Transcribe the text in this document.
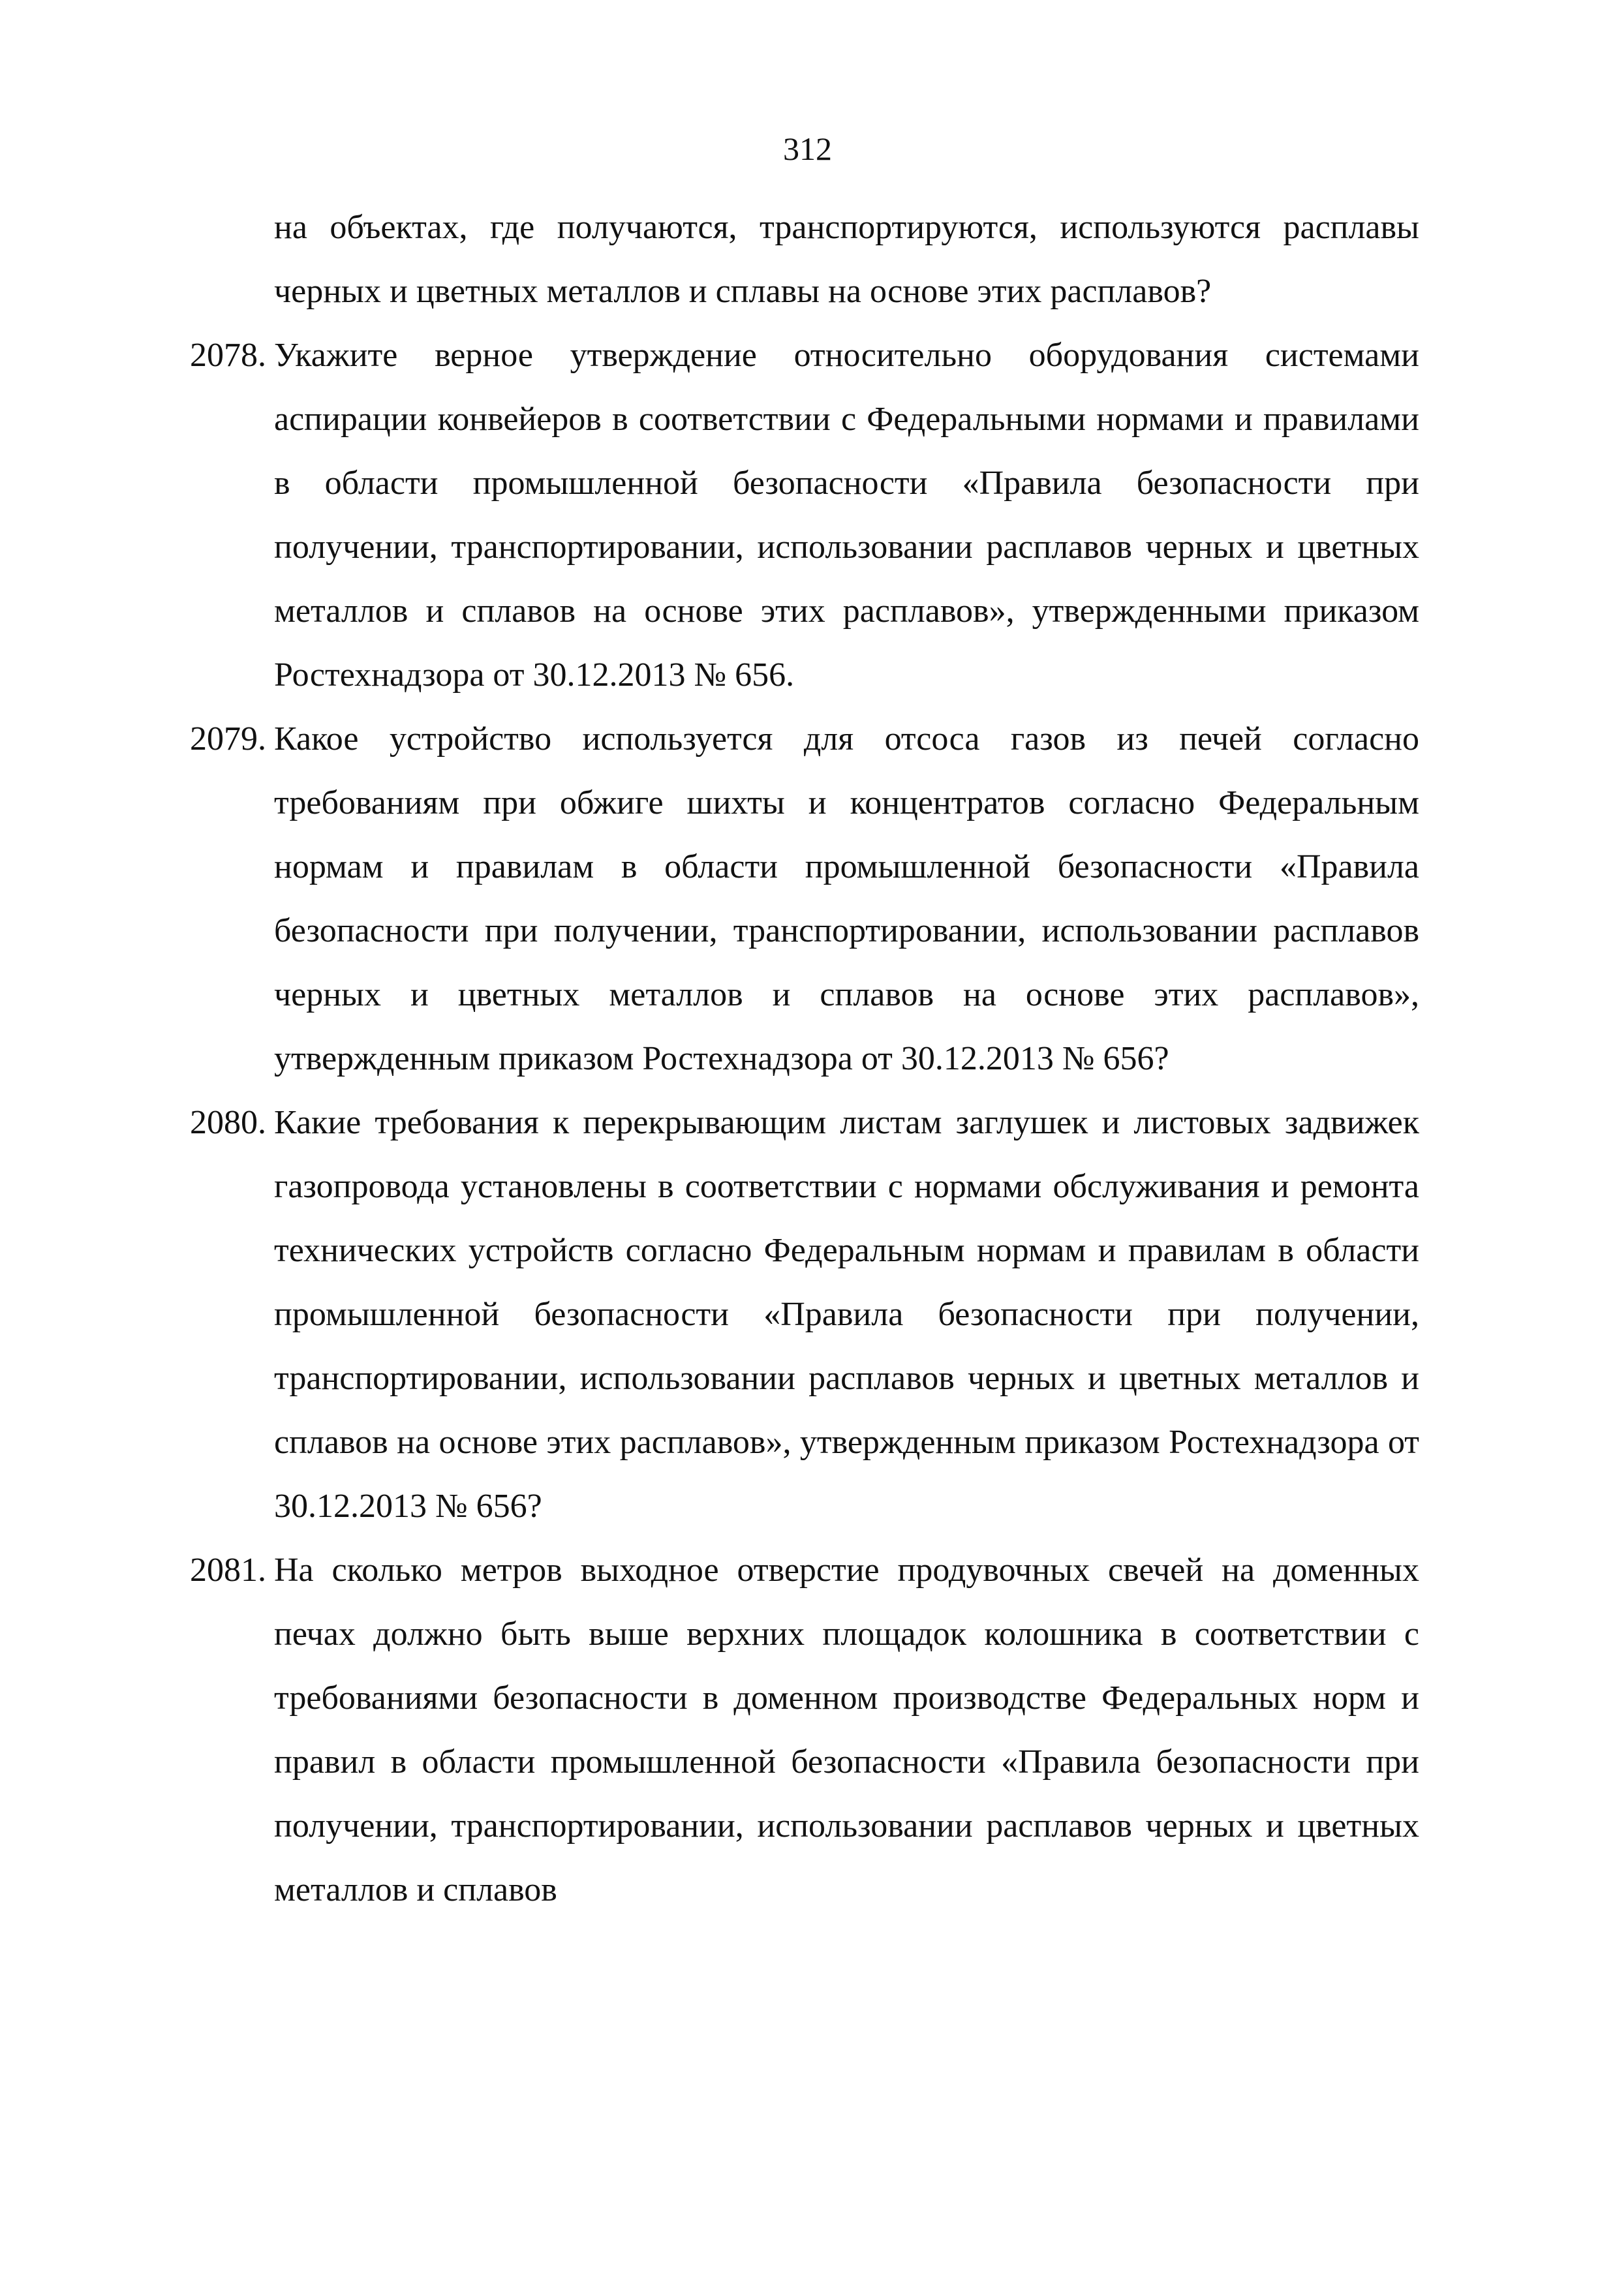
312
на объектах, где получаются, транспортируются, используются расплавы черных и цветных металлов и сплавы на основе этих расплавов?
2078. Укажите верное утверждение относительно оборудования системами аспирации конвейеров в соответствии с Федеральными нормами и правилами в области промышленной безопасности «Правила безопасности при получении, транспортировании, использовании расплавов черных и цветных металлов и сплавов на основе этих расплавов», утвержденными приказом Ростехнадзора от 30.12.2013 № 656.
2079. Какое устройство используется для отсоса газов из печей согласно требованиям при обжиге шихты и концентратов согласно Федеральным нормам и правилам в области промышленной безопасности «Правила безопасности при получении, транспортировании, использовании расплавов черных и цветных металлов и сплавов на основе этих расплавов», утвержденным приказом Ростехнадзора от 30.12.2013 № 656?
2080. Какие требования к перекрывающим листам заглушек и листовых задвижек газопровода установлены в соответствии с нормами обслуживания и ремонта технических устройств согласно Федеральным нормам и правилам в области промышленной безопасности «Правила безопасности при получении, транспортировании, использовании расплавов черных и цветных металлов и сплавов на основе этих расплавов», утвержденным приказом Ростехнадзора от 30.12.2013 № 656?
2081. На сколько метров выходное отверстие продувочных свечей на доменных печах должно быть выше верхних площадок колошника в соответствии с требованиями безопасности в доменном производстве Федеральных норм и правил в области промышленной безопасности «Правила безопасности при получении, транспортировании, использовании расплавов черных и цветных металлов и сплавов
